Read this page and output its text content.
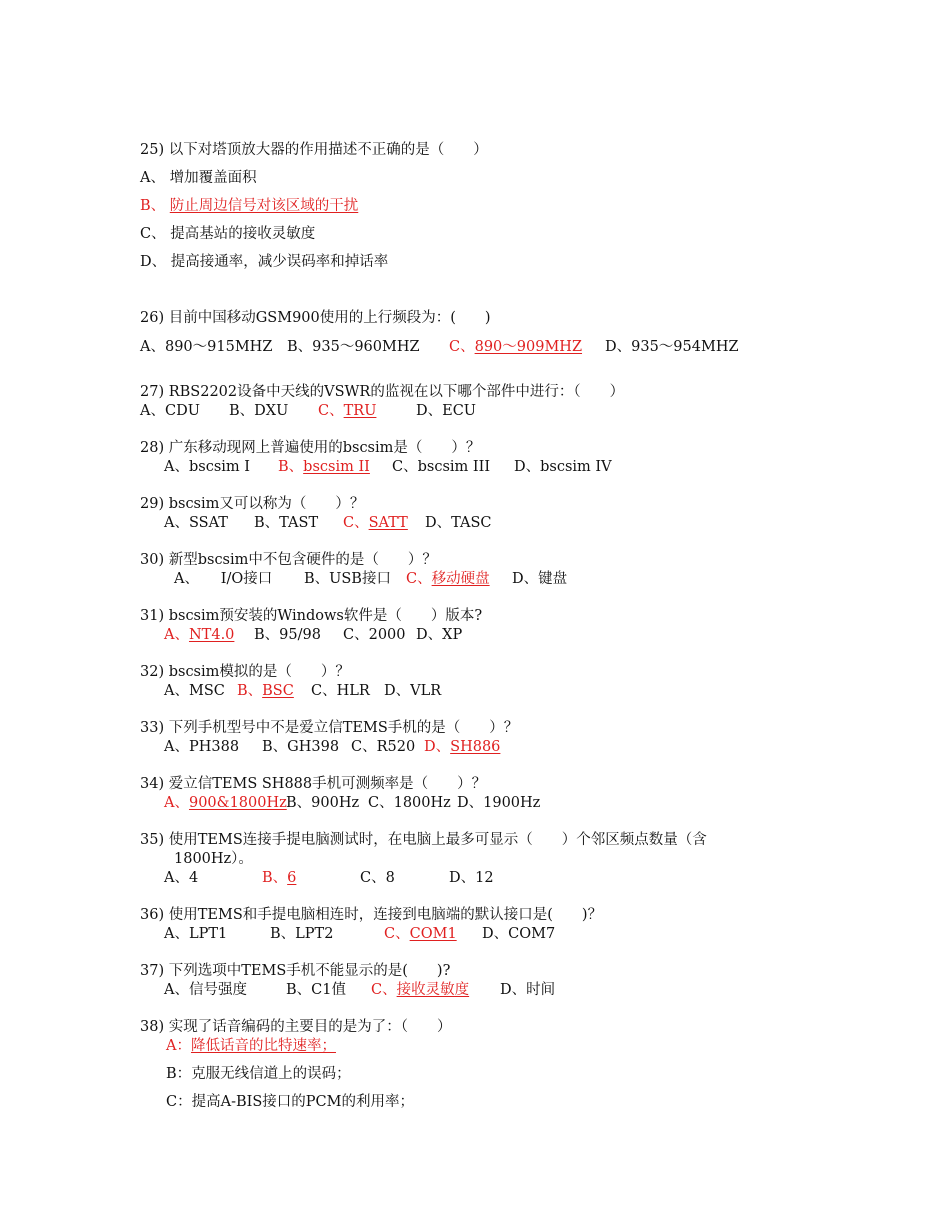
25) 以下对塔顶放大器的作用描述不正确的是（　　）
A、 增加覆盖面积
B、 防止周边信号对该区域的干扰
C、 提高基站的接收灵敏度
D、 提高接通率，减少误码率和掉话率
26) 目前中国移动GSM900使用的上行频段为：(　　)
A、890～915MHZ B、935～960MHZ C、890～909MHZ D、935～954MHZ
27) RBS2202设备中天线的VSWR的监视在以下哪个部件中进行：（　　）
A、CDU B、DXU C、TRU	D、ECU
28) 广东移动现网上普遍使用的bscsim是（　　）？
A、bscsim I B、bscsim II C、bscsim III D、bscsim IV
29) bscsim又可以称为（　　）？
A、SSAT B、TAST C、SATT D、TASC
30) 新型bscsim中不包含硬件的是（　　）？
A、　　I/O接口 B、USB接口 C、移动硬盘 D、键盘
31) bscsim预安装的Windows软件是（　　）版本?
A、NT4.0 B、95/98 C、2000 D、XP
32) bscsim模拟的是（　　）？
A、MSC B、BSC C、HLR D、VLR
33) 下列手机型号中不是爱立信TEMS手机的是（　　）？
A、PH388 B、GH398 C、R520 D、SH886
34) 爱立信TEMS SH888手机可测频率是（　　）？
A、900&1800Hz B、900Hz C、1800Hz D、1900Hz
35) 使用TEMS连接手提电脑测试时，在电脑上最多可显示（　　）个邻区频点数量（含
1800Hz）。
A、4	B、6	C、8	D、12
36) 使用TEMS和手提电脑相连时，连接到电脑端的默认接口是(　　)？
A、LPT1	B、LPT2	C、COM1 D、COM7
37) 下列选项中TEMS手机不能显示的是(　　)?
A、信号强度	B、C1值 C、接收灵敏度 D、时间
38) 实现了话音编码的主要目的是为了：（　　）
A：降低话音的比特速率；
B：克服无线信道上的误码；
C：提高A-BIS接口的PCM的利用率；
